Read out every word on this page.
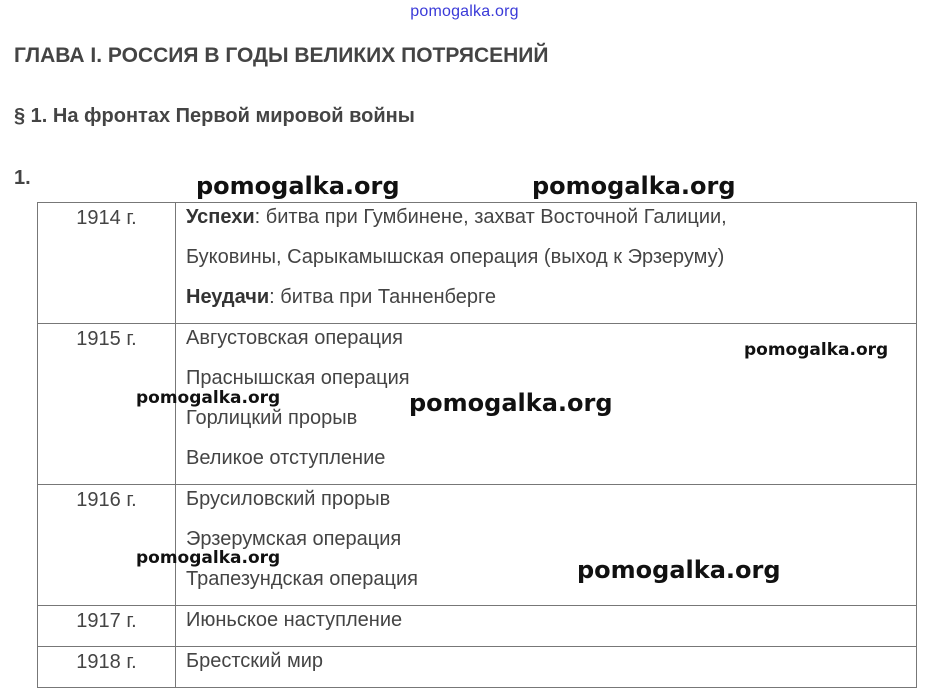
pomogalka.org
ГЛАВА I. РОССИЯ В ГОДЫ ВЕЛИКИХ ПОТРЯСЕНИЙ
§ 1. На фронтах Первой мировой войны
1.
1914 г.	Успехи: битва при Гумбинене, захват Восточной Галиции,
Буковины, Сарыкамышская операция (выход к Эрзеруму)
Неудачи: битва при Танненберге

1915 г.	Августовская операция
Праснышская операция
Горлицкий прорыв
Великое отступление

1916 г.	Брусиловский прорыв
Эрзерумская операция
Трапезундская операция

1917 г.	Июньское наступление

1918 г.	Брестский мир
pomogalka.org	pomogalka.org
pomogalka.org
pomogalka.org	pomogalka.org
pomogalka.org	pomogalka.org
